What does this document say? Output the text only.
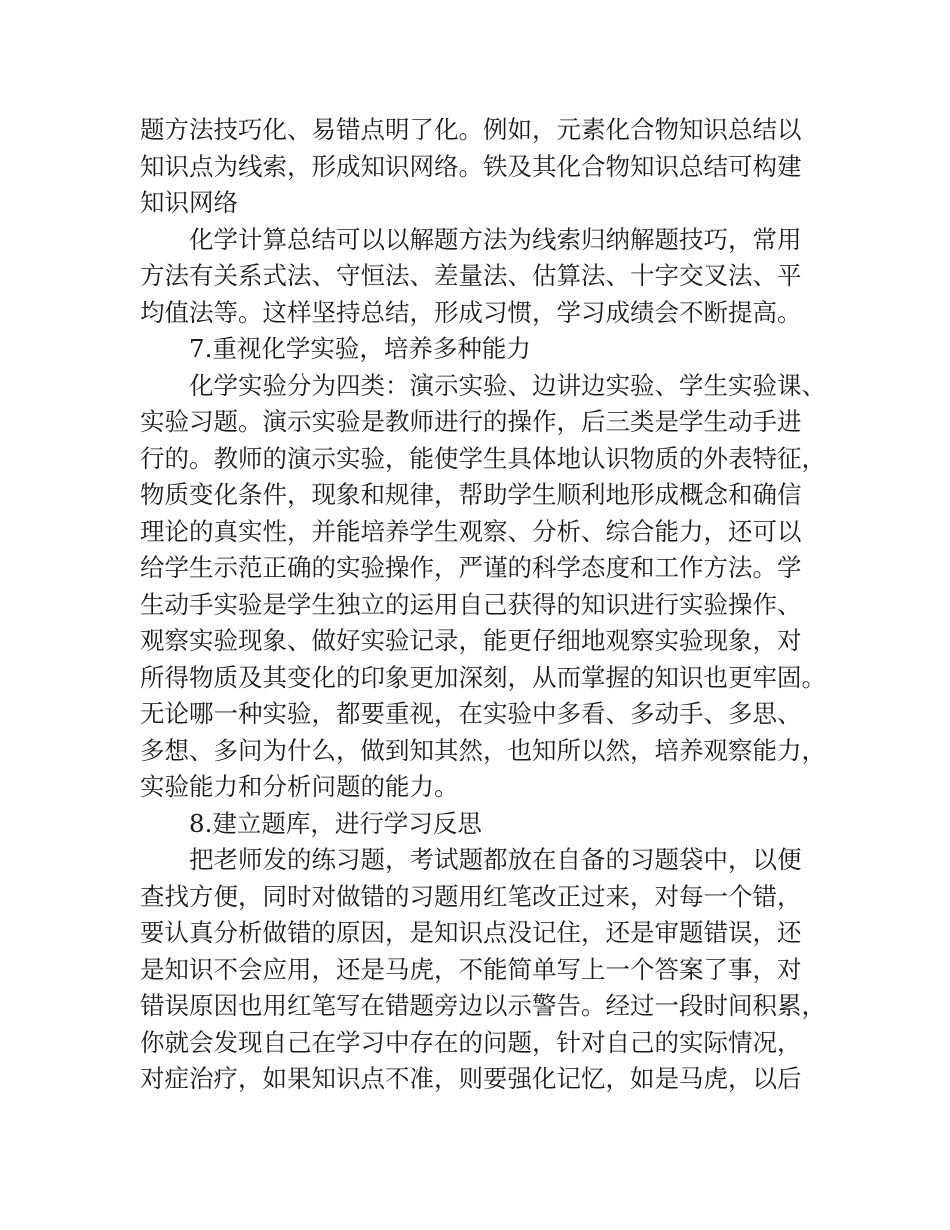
题方法技巧化、易错点明了化。例如，元素化合物知识总结以
知识点为线索，形成知识网络。铁及其化合物知识总结可构建
知识网络
化学计算总结可以以解题方法为线索归纳解题技巧，常用
方法有关系式法、守恒法、差量法、估算法、十字交叉法、平
均值法等。这样坚持总结，形成习惯，学习成绩会不断提高。
7.重视化学实验，培养多种能力
化学实验分为四类：演示实验、边讲边实验、学生实验课、
实验习题。演示实验是教师进行的操作，后三类是学生动手进
行的。教师的演示实验，能使学生具体地认识物质的外表特征，
物质变化条件，现象和规律，帮助学生顺利地形成概念和确信
理论的真实性，并能培养学生观察、分析、综合能力，还可以
给学生示范正确的实验操作，严谨的科学态度和工作方法。学
生动手实验是学生独立的运用自己获得的知识进行实验操作、
观察实验现象、做好实验记录，能更仔细地观察实验现象，对
所得物质及其变化的印象更加深刻，从而掌握的知识也更牢固。
无论哪一种实验，都要重视，在实验中多看、多动手、多思、
多想、多问为什么，做到知其然，也知所以然，培养观察能力，
实验能力和分析问题的能力。
8.建立题库，进行学习反思
把老师发的练习题，考试题都放在自备的习题袋中，以便
查找方便，同时对做错的习题用红笔改正过来，对每一个错，
要认真分析做错的原因，是知识点没记住，还是审题错误，还
是知识不会应用，还是马虎，不能简单写上一个答案了事，对
错误原因也用红笔写在错题旁边以示警告。经过一段时间积累，
你就会发现自己在学习中存在的问题，针对自己的实际情况，
对症治疗，如果知识点不准，则要强化记忆，如是马虎，以后
